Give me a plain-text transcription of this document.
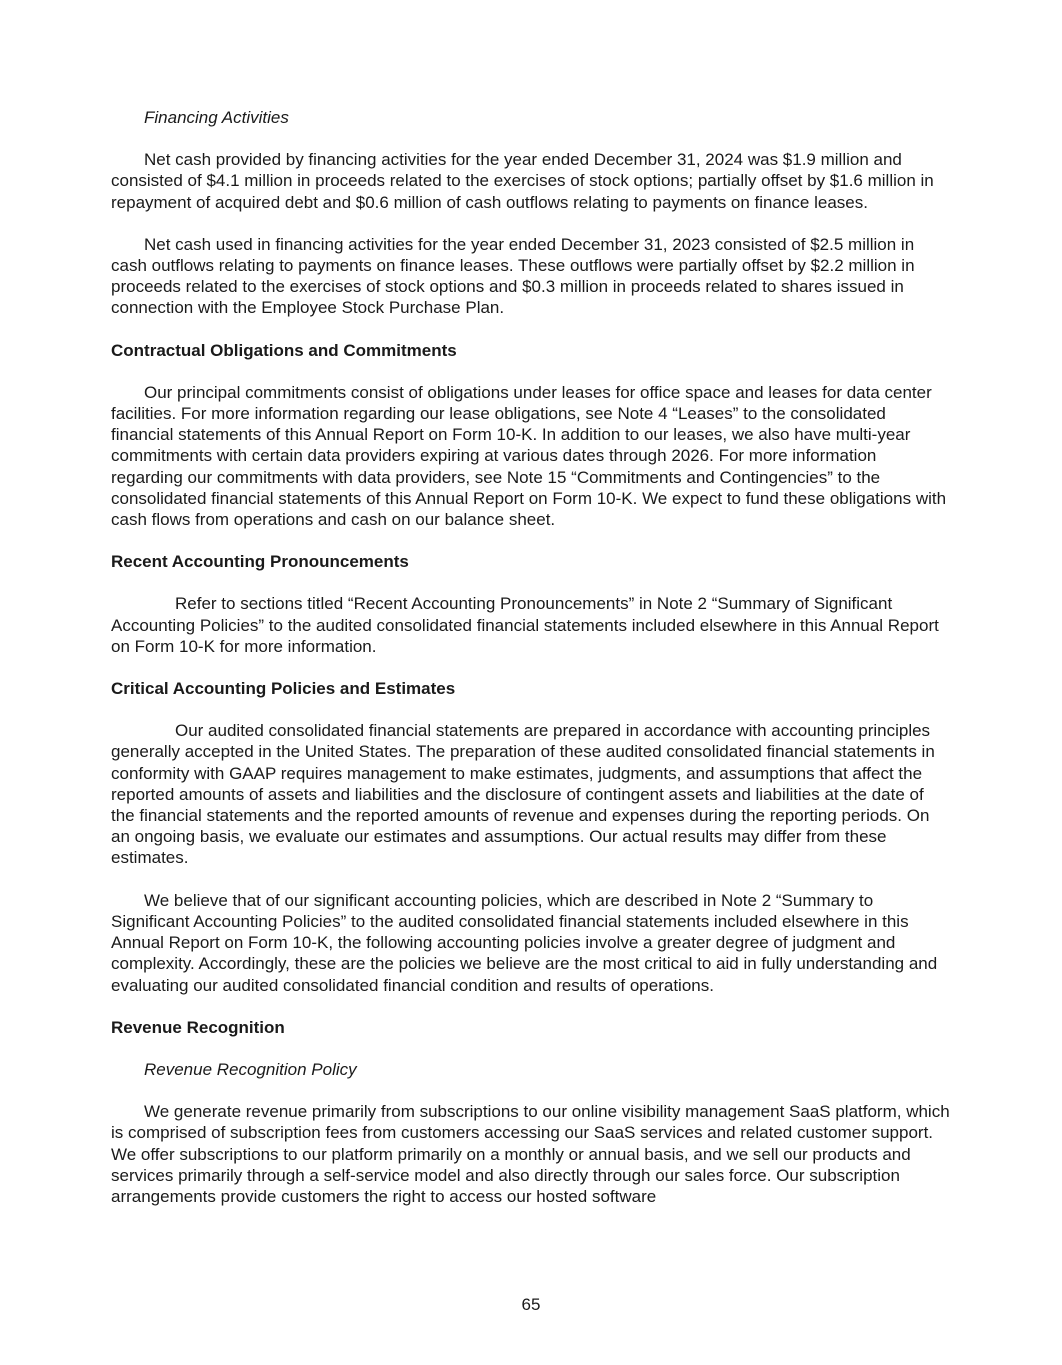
Financing Activities

Net cash provided by financing activities for the year ended December 31, 2024 was $1.9 million and consisted of $4.1 million in proceeds related to the exercises of stock options; partially offset by $1.6 million in repayment of acquired debt and $0.6 million of cash outflows relating to payments on finance leases.

Net cash used in financing activities for the year ended December 31, 2023 consisted of $2.5 million in cash outflows relating to payments on finance leases. These outflows were partially offset by $2.2 million in proceeds related to the exercises of stock options and $0.3 million in proceeds related to shares issued in connection with the Employee Stock Purchase Plan.

Contractual Obligations and Commitments

Our principal commitments consist of obligations under leases for office space and leases for data center facilities. For more information regarding our lease obligations, see Note 4 “Leases” to the consolidated financial statements of this Annual Report on Form 10-K. In addition to our leases, we also have multi-year commitments with certain data providers expiring at various dates through 2026. For more information regarding our commitments with data providers, see Note 15 “Commitments and Contingencies” to the consolidated financial statements of this Annual Report on Form 10-K. We expect to fund these obligations with cash flows from operations and cash on our balance sheet.

Recent Accounting Pronouncements

Refer to sections titled “Recent Accounting Pronouncements” in Note 2 “Summary of Significant Accounting Policies” to the audited consolidated financial statements included elsewhere in this Annual Report on Form 10-K for more information.

Critical Accounting Policies and Estimates

Our audited consolidated financial statements are prepared in accordance with accounting principles generally accepted in the United States. The preparation of these audited consolidated financial statements in conformity with GAAP requires management to make estimates, judgments, and assumptions that affect the reported amounts of assets and liabilities and the disclosure of contingent assets and liabilities at the date of the financial statements and the reported amounts of revenue and expenses during the reporting periods. On an ongoing basis, we evaluate our estimates and assumptions. Our actual results may differ from these estimates.

We believe that of our significant accounting policies, which are described in Note 2 “Summary to Significant Accounting Policies” to the audited consolidated financial statements included elsewhere in this Annual Report on Form 10-K, the following accounting policies involve a greater degree of judgment and complexity. Accordingly, these are the policies we believe are the most critical to aid in fully understanding and evaluating our audited consolidated financial condition and results of operations.

Revenue Recognition

Revenue Recognition Policy

We generate revenue primarily from subscriptions to our online visibility management SaaS platform, which is comprised of subscription fees from customers accessing our SaaS services and related customer support. We offer subscriptions to our platform primarily on a monthly or annual basis, and we sell our products and services primarily through a self-service model and also directly through our sales force. Our subscription arrangements provide customers the right to access our hosted software

65
